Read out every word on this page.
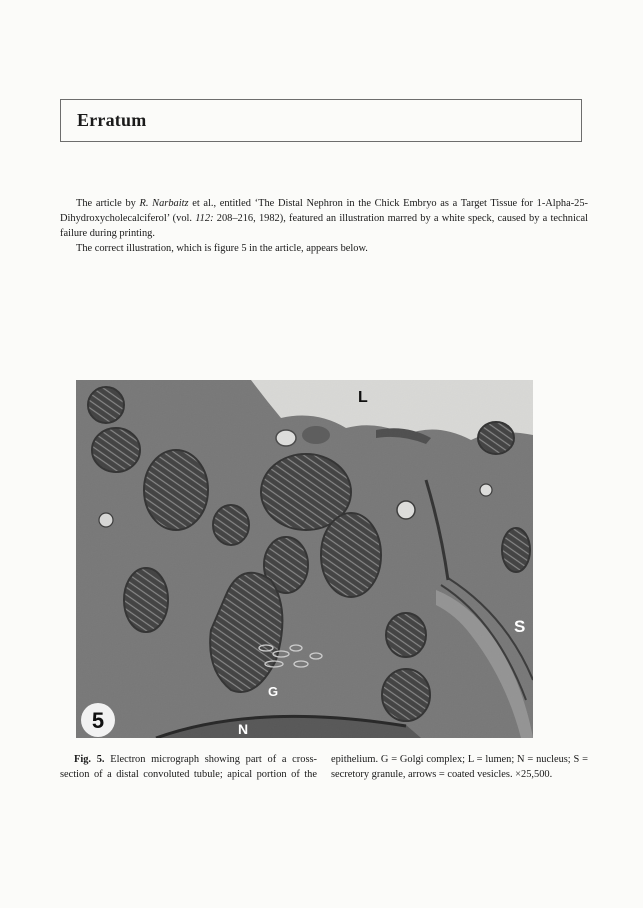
Erratum

The article by R. Narbaitz et al., entitled ‘The Distal Nephron in the Chick Embryo as a Target Tissue for 1-Alpha-25-Dihydroxycholecalciferol’ (vol. 112: 208–216, 1982), featured an illustration marred by a white speck, caused by a technical failure during printing.

The correct illustration, which is figure 5 in the article, appears below.

5
L
S
G
N

Fig. 5. Electron micrograph showing part of a cross-section of a distal convoluted tubule; apical portion of the epithelium. G = Golgi complex; L = lumen; N = nucleus; S = secretory granule, arrows = coated vesicles. ×25,500.
